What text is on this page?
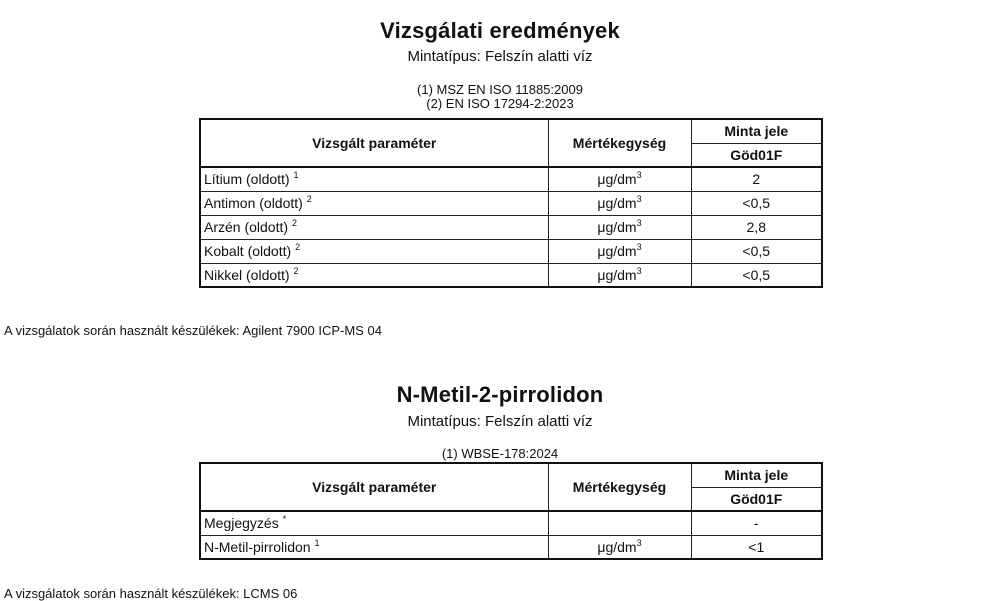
Vizsgálati eredmények
Mintatípus: Felszín alatti víz
(1) MSZ EN ISO 11885:2009
(2) EN ISO 17294-2:2023
Vizsgált paraméter	Mértékegység	Minta jele
		Göd01F
Lítium (oldott) $^1$	$\mu g/dm^3$	2
Antimon (oldott) $^2$	$\mu g/dm^3$	<0,5
Arzén (oldott) $^2$	$\mu g/dm^3$	2,8
Kobalt (oldott) $^2$	$\mu g/dm^3$	<0,5
Nikkel (oldott) $^2$	$\mu g/dm^3$	<0,5
A vizsgálatok során használt készülékek: Agilent 7900 ICP-MS 04
N-Metil-2-pirrolidon
Mintatípus: Felszín alatti víz
(1) WBSE-178:2024
Vizsgált paraméter	Mértékegység	Minta jele
		Göd01F
Megjegyzés *		-
N-Metil-pirrolidon $^1$	$\mu g/dm^3$	<1
A vizsgálatok során használt készülékek: LCMS 06
